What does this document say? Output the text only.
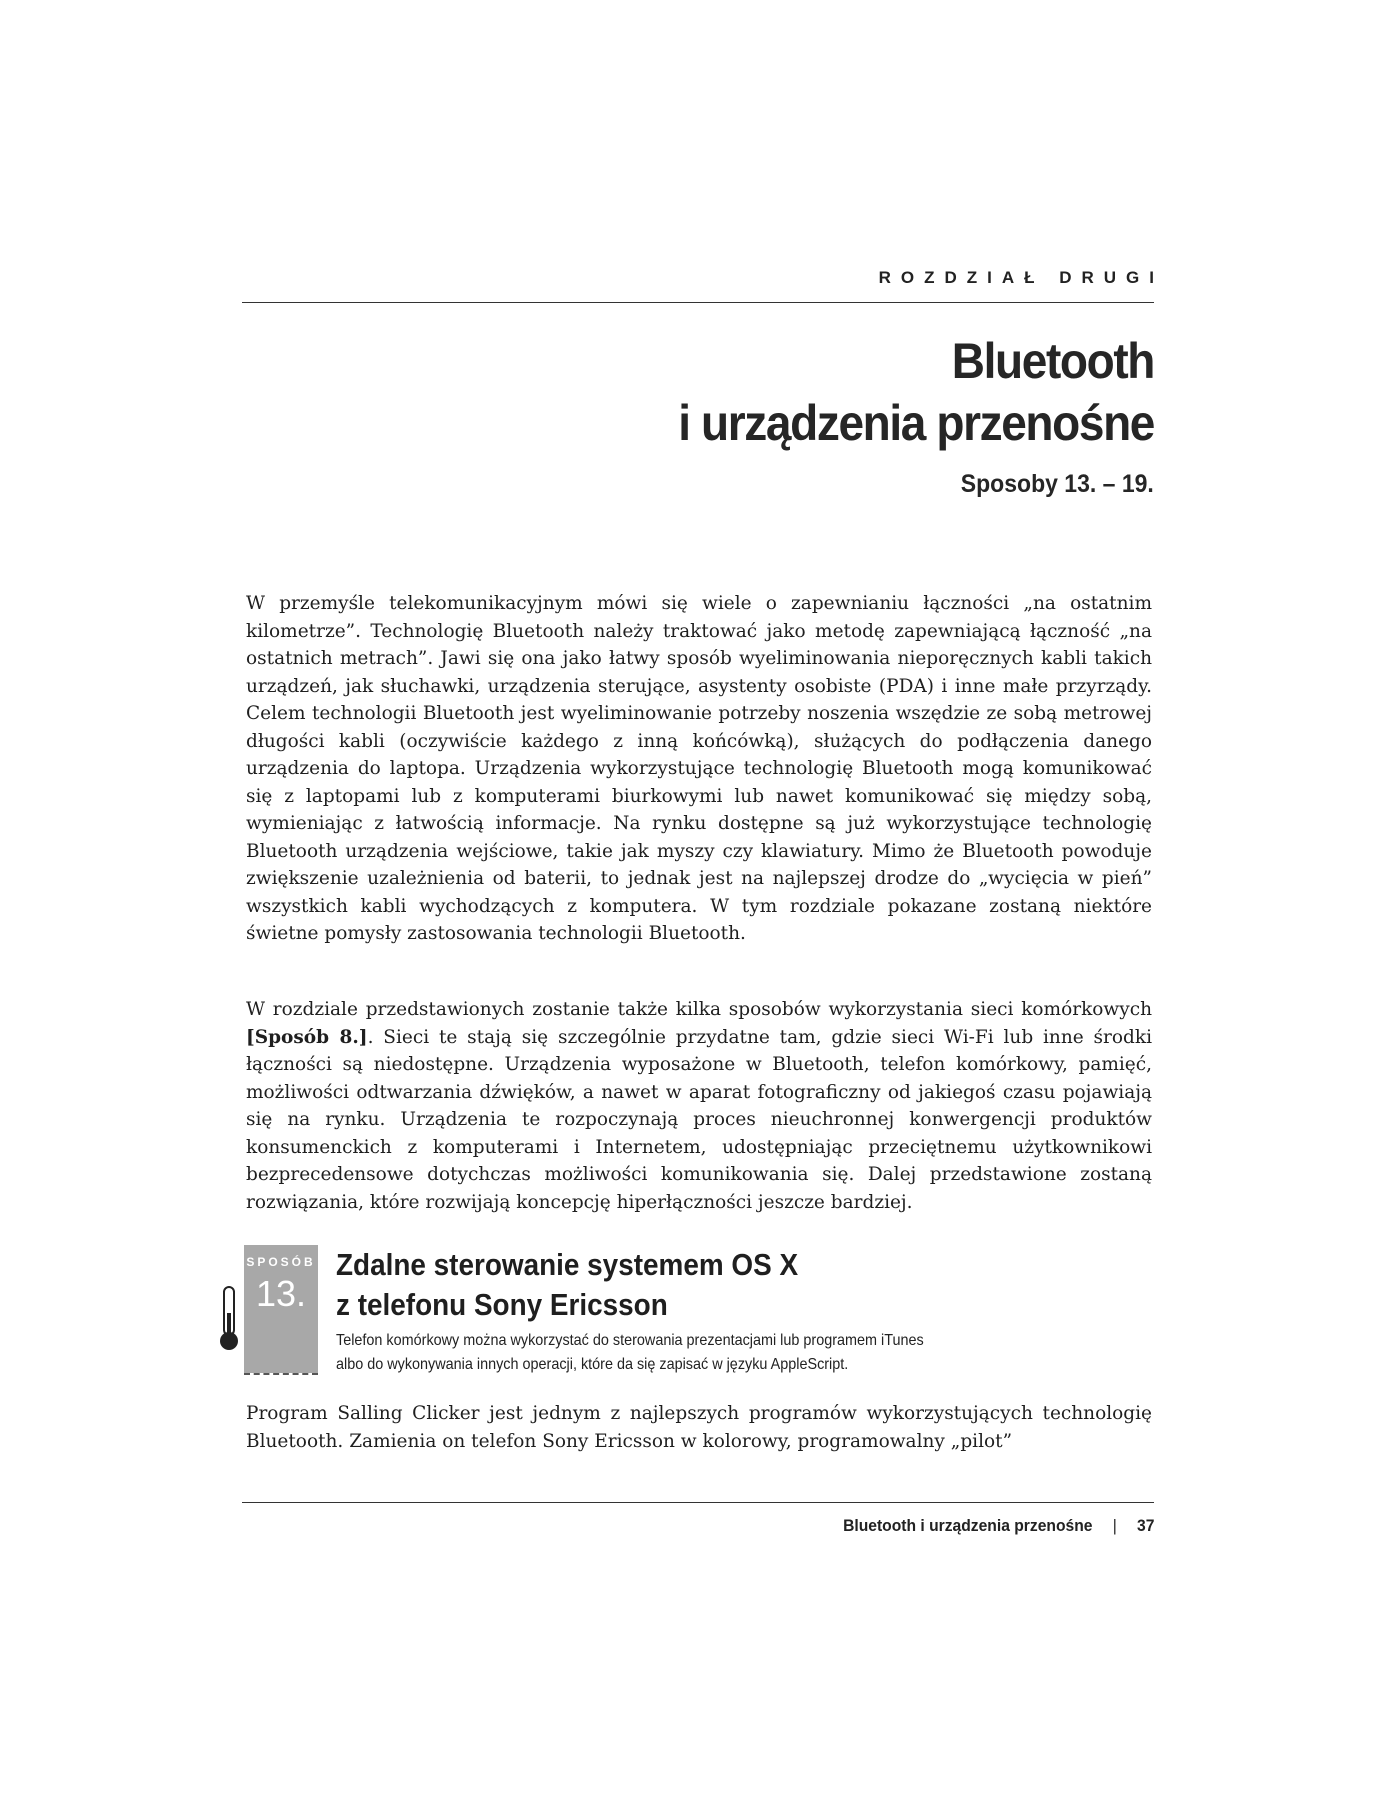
ROZDZIAŁ DRUGI
Bluetooth
i urządzenia przenośne
Sposoby 13. – 19.

W przemyśle telekomunikacyjnym mówi się wiele o zapewnianiu łączności „na ostatnim kilometrze”. Technologię Bluetooth należy traktować jako metodę zapewniającą łączność „na ostatnich metrach”. Jawi się ona jako łatwy sposób wyeliminowania nieporęcznych kabli takich urządzeń, jak słuchawki, urządzenia sterujące, asystenty osobiste (PDA) i inne małe przyrządy. Celem technologii Bluetooth jest wyeliminowanie potrzeby noszenia wszędzie ze sobą metrowej długości kabli (oczywiście każdego z inną końcówką), służących do podłączenia danego urządzenia do laptopa. Urządzenia wykorzystujące technologię Bluetooth mogą komunikować się z laptopami lub z komputerami biurkowymi lub nawet komunikować się między sobą, wymieniając z łatwością informacje. Na rynku dostępne są już wykorzystujące technologię Bluetooth urządzenia wejściowe, takie jak myszy czy klawiatury. Mimo że Bluetooth powoduje zwiększenie uzależnienia od baterii, to jednak jest na najlepszej drodze do „wycięcia w pień” wszystkich kabli wychodzących z komputera. W tym rozdziale pokazane zostaną niektóre świetne pomysły zastosowania technologii Bluetooth.

W rozdziale przedstawionych zostanie także kilka sposobów wykorzystania sieci komórkowych [Sposób 8.]. Sieci te stają się szczególnie przydatne tam, gdzie sieci Wi-Fi lub inne środki łączności są niedostępne. Urządzenia wyposażone w Bluetooth, telefon komórkowy, pamięć, możliwości odtwarzania dźwięków, a nawet w aparat fotograficzny od jakiegoś czasu pojawiają się na rynku. Urządzenia te rozpoczynają proces nieuchronnej konwergencji produktów konsumenckich z komputerami i Internetem, udostępniając przeciętnemu użytkownikowi bezprecedensowe dotychczas możliwości komunikowania się. Dalej przedstawione zostaną rozwiązania, które rozwijają koncepcję hiperłączności jeszcze bardziej.

SPOSÓB
13.
Zdalne sterowanie systemem OS X
z telefonu Sony Ericsson
Telefon komórkowy można wykorzystać do sterowania prezentacjami lub programem iTunes
albo do wykonywania innych operacji, które da się zapisać w języku AppleScript.

Program Salling Clicker jest jednym z najlepszych programów wykorzystujących technologię Bluetooth. Zamienia on telefon Sony Ericsson w kolorowy, programowalny „pilot”

Bluetooth i urządzenia przenośne | 37
